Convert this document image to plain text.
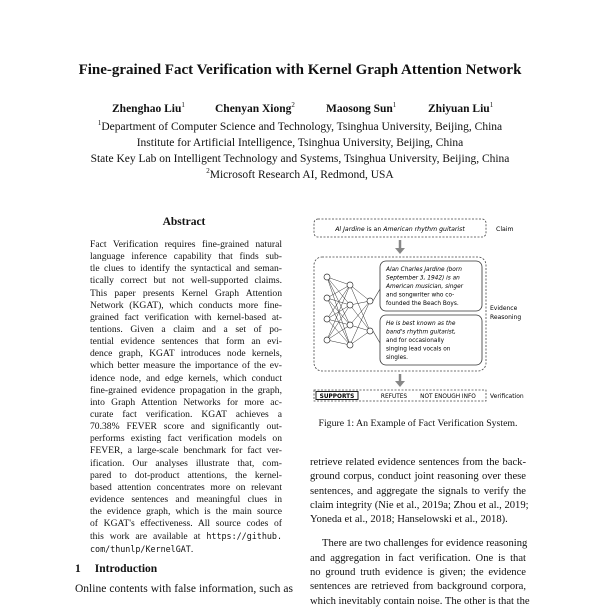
Fine-grained Fact Verification with Kernel Graph Attention Network
Zhenghao Liu$^1$	Chenyan Xiong$^2$	Maosong Sun$^1$	Zhiyuan Liu$^1$
$^1$Department of Computer Science and Technology, Tsinghua University, Beijing, China
Institute for Artificial Intelligence, Tsinghua University, Beijing, China
State Key Lab on Intelligent Technology and Systems, Tsinghua University, Beijing, China
$^2$Microsoft Research AI, Redmond, USA
Abstract
Fact Verification requires fine-grained natural
language inference capability that finds sub-
tle clues to identify the syntactical and seman-
tically correct but not well-supported claims.
This paper presents Kernel Graph Attention
Network (KGAT), which conducts more fine-
grained fact verification with kernel-based at-
tentions. Given a claim and a set of po-
tential evidence sentences that form an evi-
dence graph, KGAT introduces node kernels,
which better measure the importance of the ev-
idence node, and edge kernels, which conduct
fine-grained evidence propagation in the graph,
into Graph Attention Networks for more ac-
curate fact verification. KGAT achieves a
70.38% FEVER score and significantly out-
performs existing fact verification models on
FEVER, a large-scale benchmark for fact ver-
ification. Our analyses illustrate that, com-
pared to dot-product attentions, the kernel-
based attention concentrates more on relevant
evidence sentences and meaningful clues in
the evidence graph, which is the main source
of KGAT's effectiveness. All source codes of
this work are available at https://github.
com/thunlp/KernelGAT.
1 Introduction
Online contents with false information, such as
Al Jardine is an American rhythm guitarist	Claim
Alan Charles Jardine (born September 3, 1942) is an American musician, singer and songwriter who co- founded the Beach Boys.
He is best known as the band's rhythm guitarist, and for occasionally singing lead vocals on singles.
Evidence Reasoning
SUPPORTS	REFUTES NOT ENOUGH INFO Verification
Figure 1: An Example of Fact Verification System.
retrieve related evidence sentences from the back-
ground corpus, conduct joint reasoning over these
sentences, and aggregate the signals to verify the
claim integrity (Nie et al., 2019a; Zhou et al., 2019;
Yoneda et al., 2018; Hanselowski et al., 2018).
There are two challenges for evidence reasoning
and aggregation in fact verification. One is that
no ground truth evidence is given; the evidence
sentences are retrieved from background corpora,
which inevitably contain noise. The other is that the
